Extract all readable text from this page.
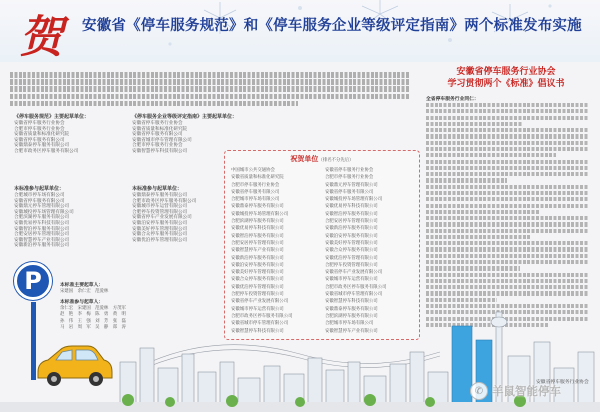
贺 安徽省《停车服务规范》和《停车服务企业等级评定指南》两个标准发布实施
安徽省停车服务行业协会
学习贯彻两个《标准》倡议书
全省停车服务行业同仁：
《停车服务规范》主要起草单位：
安徽省停车服务行业协会
合肥市停车服务行业协会
安徽省质量和标准化研究院
安徽省停车服务有限公司
安徽鼎泰停车服务有限公司
合肥市政务区停车服务有限公司
《停车服务企业等级评定指南》主要起草单位：
安徽省停车服务行业协会
安徽省质量和标准化研究院
安徽省停车服务有限公司
安徽省城市停车管理有限公司
合肥市停车服务行业协会
安徽智慧停车科技有限公司
本标准参与起草单位：
合肥城市停车场有限公司
安徽省停车服务有限公司
安徽鼎元停车管理有限公司
安徽城投停车场管理有限公司
合肥滨湖停车服务有限公司
安徽优易停车科技有限公司
安徽智泊停车服务有限公司
合肥安居停车管理有限公司
安徽智慧停车产业有限公司
安徽新泊停车服务有限公司
本标准参与起草单位：
安徽鼎泰停车服务有限公司
合肥市政务区停车服务有限公司
安徽城市停车运营有限公司
合肥停车投资管理有限公司
安徽省停车产业发展有限公司
安徽泊安停车服务有限公司
安徽美好停车管理有限公司
安徽合众停车服务有限公司
安徽优泊停车管理有限公司
祝贺单位（排名不分先后）
中国城市公共交通协会
安徽省质量和标准化研究院
合肥市停车服务行业协会
安徽省停车服务有限公司
合肥城市停车场有限公司
安徽鼎泰停车服务有限公司
安徽城投停车场管理有限公司
合肥滨湖停车服务有限公司
安徽优易停车科技有限公司
安徽智泊停车服务有限公司
合肥安居停车管理有限公司
安徽智慧停车产业有限公司
安徽新泊停车服务有限公司
安徽泊安停车服务有限公司
安徽美好停车管理有限公司
安徽合众停车服务有限公司
安徽优泊停车管理有限公司
合肥停车投资管理有限公司
安徽省停车产业发展有限公司
安徽城市停车运营有限公司
合肥市政务区停车服务有限公司
安徽省城市停车管理有限公司
安徽智慧停车科技有限公司
安徽省停车服务行业协会
合肥市停车服务行业协会
安徽鼎元停车管理有限公司
安徽省停车服务有限公司
安徽城投停车场管理有限公司
安徽优易停车科技有限公司
安徽智泊停车服务有限公司
合肥安居停车管理有限公司
安徽新泊停车服务有限公司
安徽泊安停车服务有限公司
安徽美好停车管理有限公司
安徽合众停车服务有限公司
安徽优泊停车管理有限公司
合肥停车投资管理有限公司
安徽省停车产业发展有限公司
安徽城市停车运营有限公司
合肥市政务区停车服务有限公司
安徽省城市停车管理有限公司
安徽智慧停车科技有限公司
安徽鼎泰停车服务有限公司
合肥滨湖停车服务有限公司
合肥城市停车场有限公司
安徽智慧停车产业有限公司
P	本标准主要起草人：
宋建国　余仁宏　范爱林
本标准参与起草人：
余仁宏　宋建国　范爱林　方茂军
赵　艳　李　梅　陈　勇　黄　明
孙　伟　王　强　刘　芳　张　磊
马　岩　周　军　吴　静　郑　涛
安徽省停车服务行业协会
✆ 羊鼠智能停车
